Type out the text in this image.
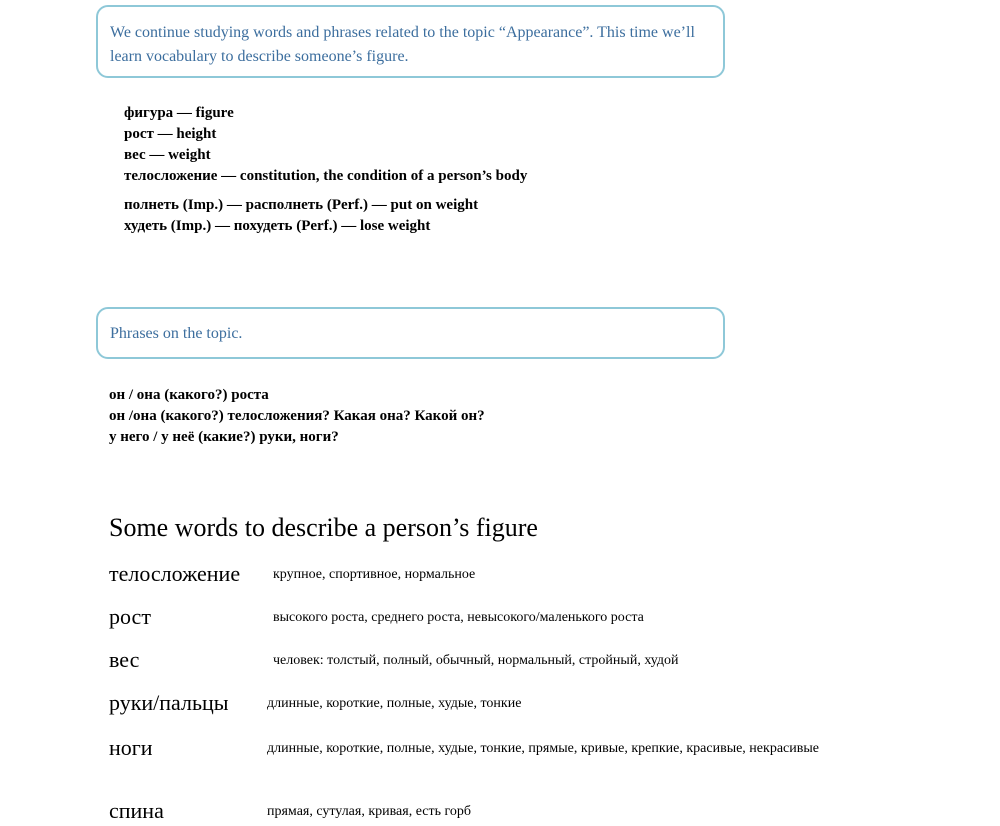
We continue studying words and phrases related to the topic “Appearance”. This time we’ll learn vocabulary to describe someone’s figure.
фигура — figure
рост — height
вес — weight
телосложение — constitution, the condition of a person’s body
полнеть (Imp.) — располнеть (Perf.) — put on weight
худеть (Imp.) — похудеть (Perf.) — lose weight
Phrases on the topic.
он / она (какого?) роста
он /она (какого?) телосложения? Какая она? Какой он?
у него / у неё (какие?) руки, ноги?
Some words to describe a person’s figure
телосложение крупное, спортивное, нормальное
рост	высокого роста, среднего роста, невысокого/маленького роста
вес	человек: толстый, полный, обычный, нормальный, стройный, худой
руки/пальцы	длинные, короткие, полные, худые, тонкие
ноги	длинные, короткие, полные, худые, тонкие, прямые, кривые, крепкие, красивые, некрасивые
спина	прямая, сутулая, кривая, есть горб
